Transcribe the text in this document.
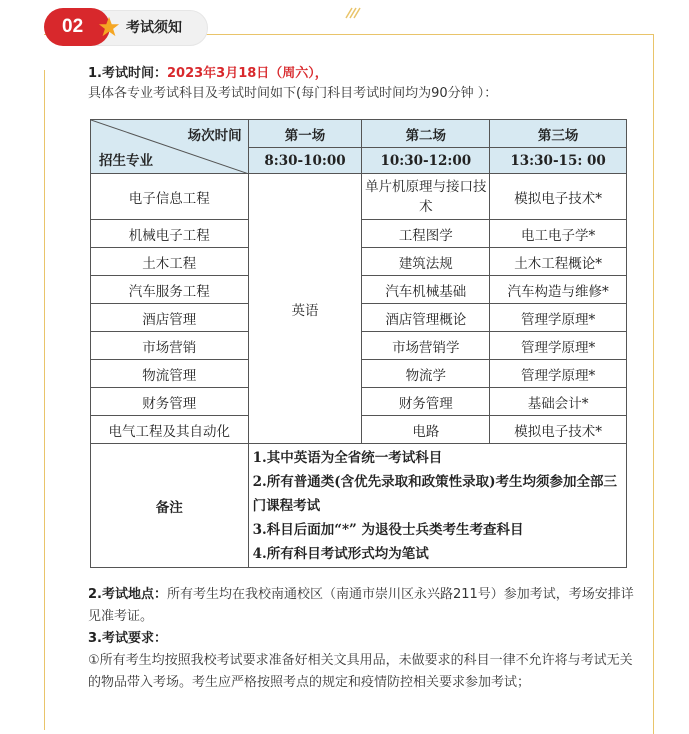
02	考试须知
1.考试时间：2023年3月18日（周六），
具体各专业考试科目及考试时间如下(每门科目考试时间均为90分钟 ）：
场次时间
招生专业	第一场	第二场	第三场
	8:30-10:00	10:30-12:00	13:30-15: 00
电子信息工程	英语	单片机原理与接口技术	模拟电子技术*
机械电子工程		工程图学	电工电子学*
土木工程		建筑法规	土木工程概论*
汽车服务工程		汽车机械基础	汽车构造与维修*
酒店管理		酒店管理概论	管理学原理*
市场营销		市场营销学	管理学原理*
物流管理		物流学	管理学原理*
财务管理		财务管理	基础会计*
电气工程及其自动化		电路	模拟电子技术*
备注	1.其中英语为全省统一考试科目
2.所有普通类(含优先录取和政策性录取)考生均须参加全部三门课程考试
3.科目后面加“*” 为退役士兵类考生考查科目
4.所有科目考试形式均为笔试		
2.考试地点：所有考生均在我校南通校区（南通市崇川区永兴路211号）参加考试，考场安排详见准考证。
3.考试要求：
①所有考生均按照我校考试要求准备好相关文具用品，未做要求的科目一律不允许将与考试无关的物品带入考场。考生应严格按照考点的规定和疫情防控相关要求参加考试；
